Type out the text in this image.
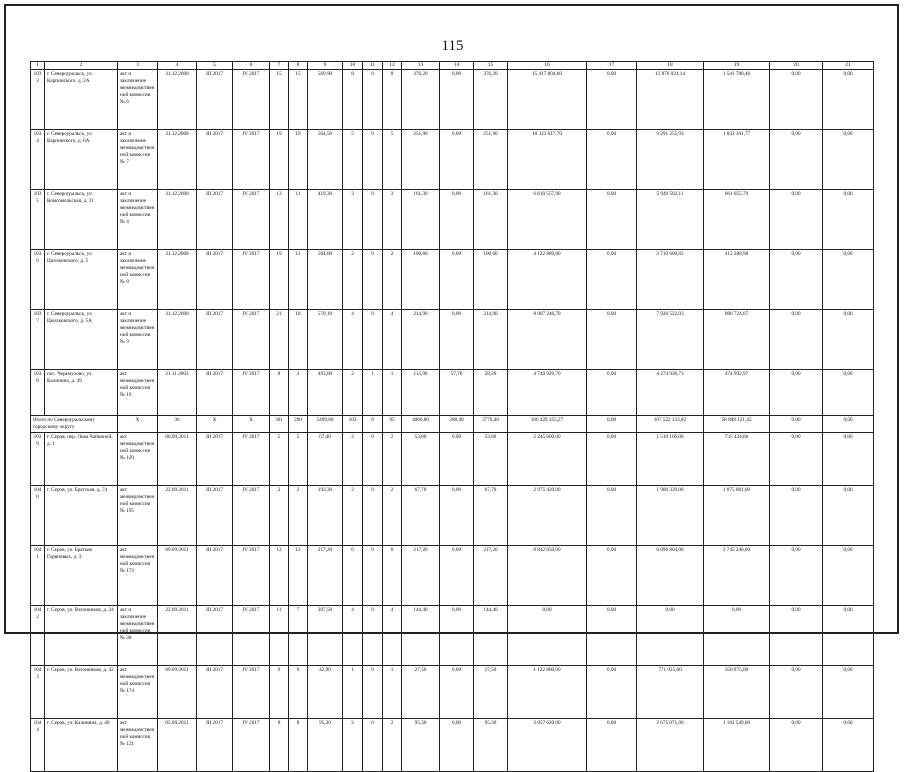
115
1	2	3	4	5	6	7	8	9	10	11	12	13	14	15	16	17	18	19	20	21
1033	г. Североуральск, ул. Карпинского, д. 2А	акт и заключение межведомственной комиссии № 6	31.12.2008	III 2017	IV 2017	15	15	569,90	8	0	8	376,20	0,00	376,20	15 417 804,60	0,00	13 876 024,14	1 541 780,46	0,00	0,00
1034	г. Североуральск, ул. Карпинского, д. 6А	акт и заключение межведомственной комиссии № 7	31.12.2008	III 2017	IV 2017	19	19	564,50	5	0	5	251,90	0,00	251,90	10 323 617,70	0,00	9 291 255,93	1 032 361,77	0,00	0,00
1035	г. Североуральск, ул. Комсомольская, д. 31	акт и заключение межведомственной комиссии № 4	31.12.2008	III 2017	IV 2017	13	11	419,30	3	0	3	161,30	0,00	161,30	6 610 557,90	0,00	5 949 502,11	661 055,79	0,00	0,00
1036	г. Североуральск, ул. Циолковского, д. 5	акт и заключение межведомственной комиссии № 8	31.12.2008	III 2017	IV 2017	19	11	564,00	2	0	2	100,60	0,00	100,60	4 122 889,80	0,00	3 710 600,82	412 288,98	0,00	0,00
1037	г. Североуральск, ул. Циолковского, д. 5А	акт и заключение межведомственной комиссии № 9	31.12.2008	III 2017	IV 2017	21	18	570,10	4	0	4	214,90	0,00	214,90	8 807 246,70	0,00	7 926 522,03	880 724,67	0,00	0,00
1038	пос. Черемухово, ул. Калинина, д. 49	акт межведомственной комиссии № 19	21.11.2003	III 2017	IV 2017	8	3	493,00	2	1	1	115,90	57,70	58,20	4 749 929,70	0,00	4 274 936,73	474 992,97	0,00	0,00
Итого по Североуральскому городскому округу		X	36	X	X	301	290	5499,80	103	8	95	4066,80	288,40	3778,40	166 429 255,27	0,00	107 522 133,82	58 898 121,45	0,00	0,00
1039	г. Серов, пер. Льва Чайкиной, д. 1	акт межведомственной комиссии № 129	06.09.2011	III 2017	IV 2017	5	5	67,40	2	0	2	53,80	0,00	53,80	2 245 600,00	0,00	1 510 166,00	735 434,00	0,00	0,00
1040	г. Серов, ул. Братская, д. 74	акт межведомственной комиссии № 195	22.09.2011	III 2017	IV 2017	2	2	193,30	2	0	2	67,70	0,00	67,70	2 975 420,00	0,00	1 900 339,00	1 075 081,00	0,00	0,00
1041	г. Серов, ул. Братьев Горяновых, д. 3	акт межведомственной комиссии № 173	09.09.2011	III 2017	IV 2017	12	12	217,20	6	0	6	217,20	0,00	217,20	8 842 050,00	0,00	6 096 804,00	2 745 246,00	0,00	0,00
1042	г. Серов, ул. Вагонников, д. 24	акт и заключение межведомственной комиссии № 38	22.09.2011	III 2017	IV 2017	11	7	207,50	4	0	4	144,40	0,00	144,40	0,00	0,00	0,00	0,00	0,00	0,00
1043	г. Серов, ул. Вагонников, д. 42	акт межведомственной комиссии № 174	09.09.2011	III 2017	IV 2017	9	9	42,90	1	0	1	27,50	0,00	27,50	1 122 800,00	0,00	771 925,00	350 875,00	0,00	0,00
1044	г. Серов, ул. Калинина, д. 40	акт межведомственной комиссии № 121	05.09.2011	III 2017	IV 2017	8	8	95,30	2	0	2	95,30	0,00	95,30	3 857 620,00	0,00	2 675 071,00	1 182 549,00	0,00	0,00
